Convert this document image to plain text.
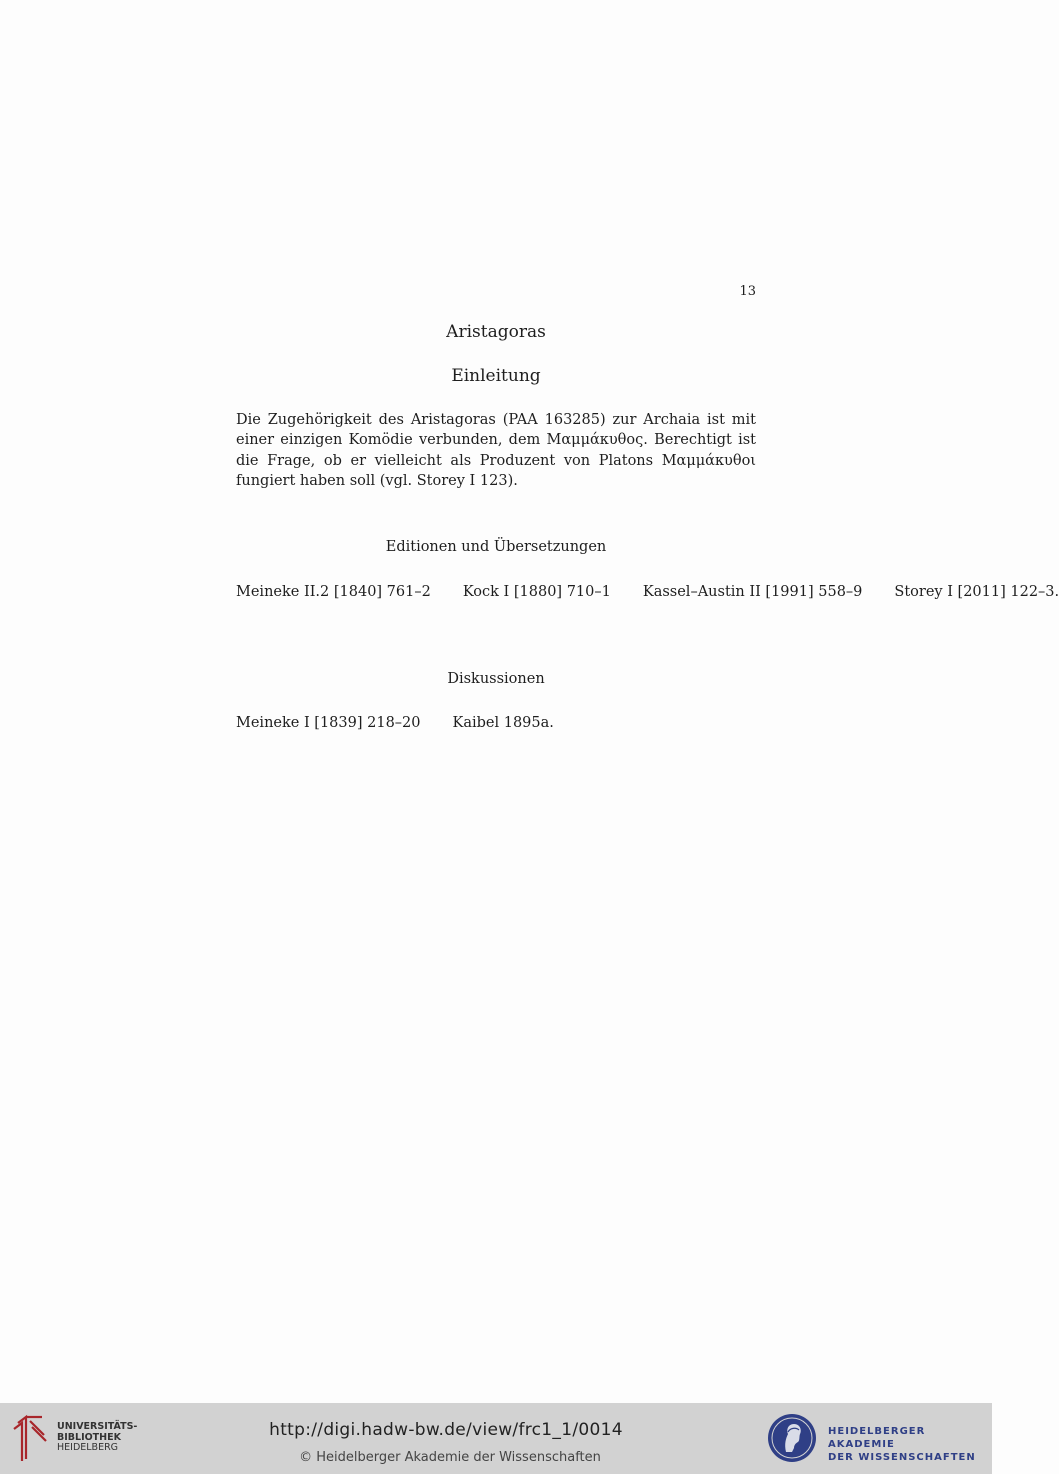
13
Aristagoras
Einleitung

Die Zugehörigkeit des Aristagoras (PAA 163285) zur Archaia ist mit einer einzigen Komödie verbunden, dem Μαμμάκυθος. Berechtigt ist die Frage, ob er vielleicht als Produzent von Platons Μαμμάκυθοι fungiert haben soll (vgl. Storey I 123).

Editionen und Übersetzungen

Meineke II.2 [1840] 761–2 Kock I [1880] 710–1 Kassel–Austin II [1991] 558–9 Storey I [2011] 122–3.

Diskussionen

Meineke I [1839] 218–20 Kaibel 1895a.

UNIVERSITÄTS-
BIBLIOTHEK
HEIDELBERG
http://digi.hadw-bw.de/view/frc1_1/0014
© Heidelberger Akademie der Wissenschaften
HEIDELBERGER AKADEMIE
DER WISSENSCHAFTEN
